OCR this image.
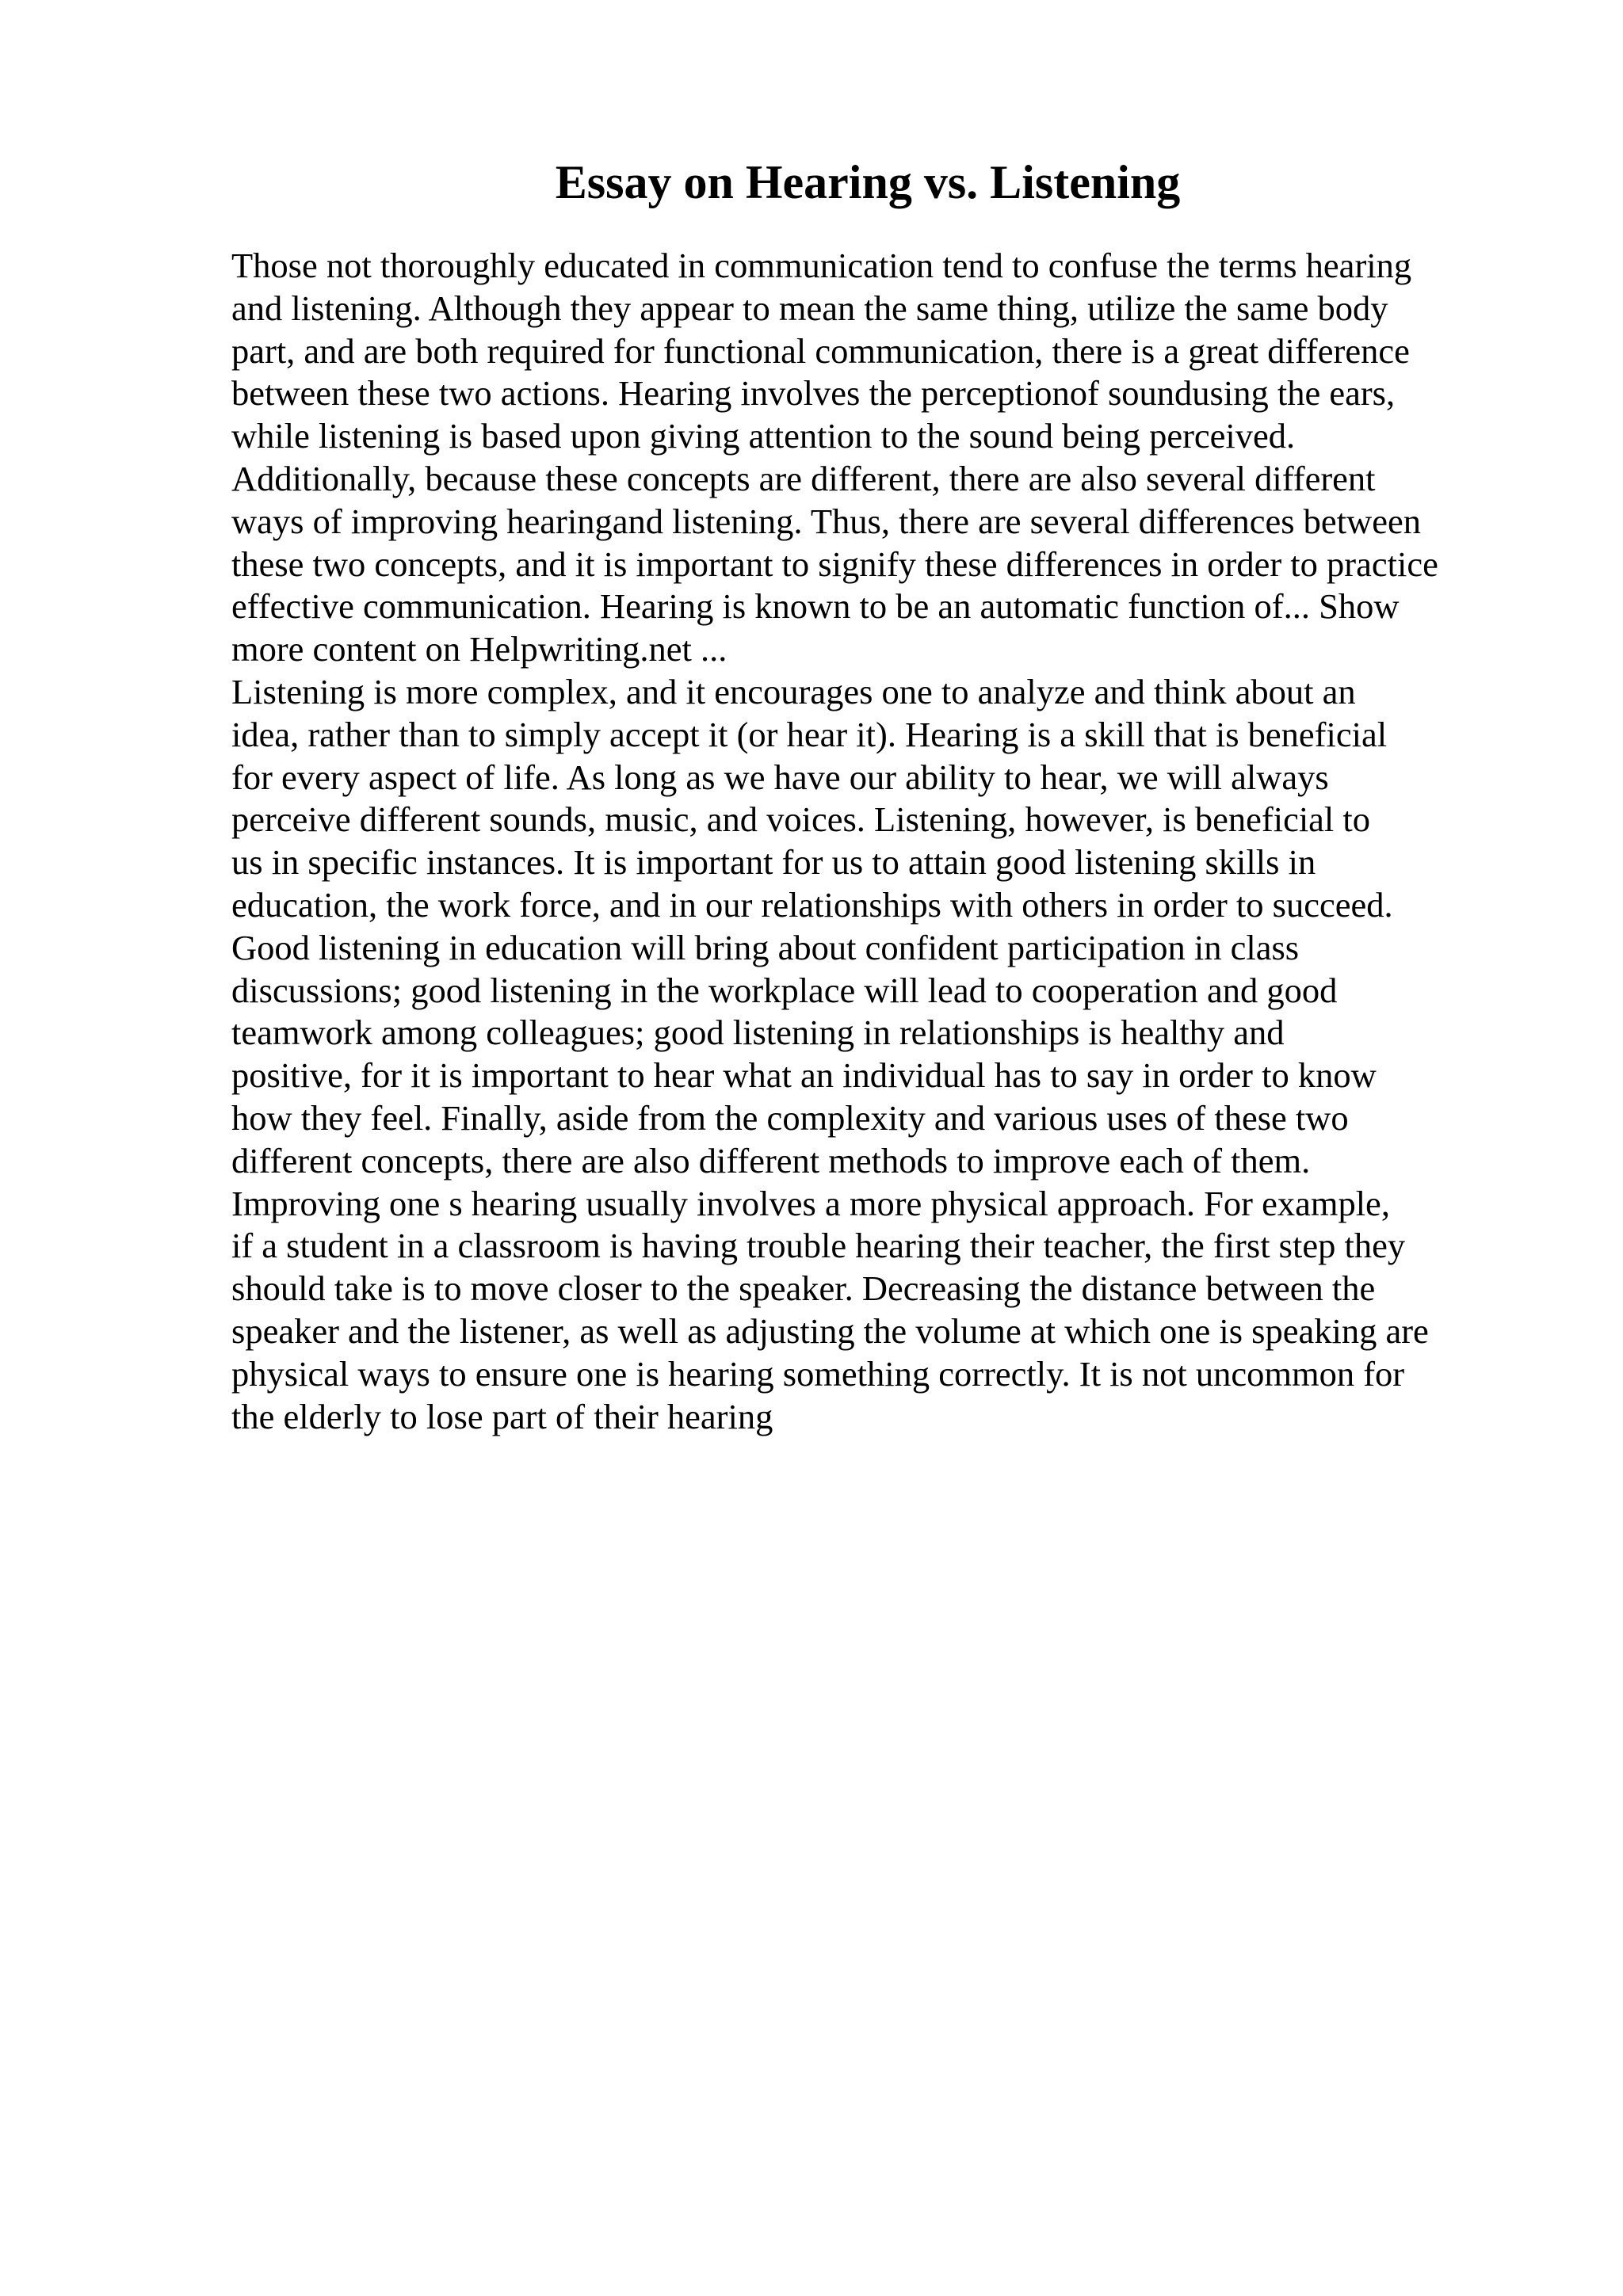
Essay on Hearing vs. Listening
Those not thoroughly educated in communication tend to confuse the terms hearing
and listening. Although they appear to mean the same thing, utilize the same body
part, and are both required for functional communication, there is a great difference
between these two actions. Hearing involves the perceptionof soundusing the ears,
while listening is based upon giving attention to the sound being perceived.
Additionally, because these concepts are different, there are also several different
ways of improving hearingand listening. Thus, there are several differences between
these two concepts, and it is important to signify these differences in order to practice
effective communication. Hearing is known to be an automatic function of... Show
more content on Helpwriting.net ...
Listening is more complex, and it encourages one to analyze and think about an
idea, rather than to simply accept it (or hear it). Hearing is a skill that is beneficial
for every aspect of life. As long as we have our ability to hear, we will always
perceive different sounds, music, and voices. Listening, however, is beneficial to
us in specific instances. It is important for us to attain good listening skills in
education, the work force, and in our relationships with others in order to succeed.
Good listening in education will bring about confident participation in class
discussions; good listening in the workplace will lead to cooperation and good
teamwork among colleagues; good listening in relationships is healthy and
positive, for it is important to hear what an individual has to say in order to know
how they feel. Finally, aside from the complexity and various uses of these two
different concepts, there are also different methods to improve each of them.
Improving one s hearing usually involves a more physical approach. For example,
if a student in a classroom is having trouble hearing their teacher, the first step they
should take is to move closer to the speaker. Decreasing the distance between the
speaker and the listener, as well as adjusting the volume at which one is speaking are
physical ways to ensure one is hearing something correctly. It is not uncommon for
the elderly to lose part of their hearing
